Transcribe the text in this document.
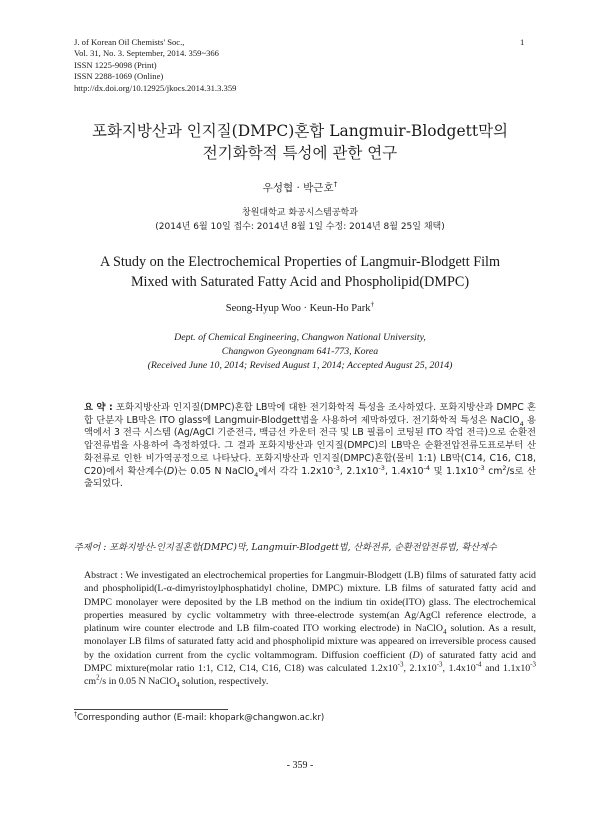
J. of Korean Oil Chemists' Soc.,
Vol. 31, No. 3. September, 2014. 359~366
ISSN 1225-9098 (Print)
ISSN 2288-1069 (Online)
http://dx.doi.org/10.12925/jkocs.2014.31.3.359
1
포화지방산과 인지질(DMPC)혼합 Langmuir-Blodgett막의
전기화학적 특성에 관한 연구
우성협 · 박근호†
창원대학교 화공시스템공학과
(2014년 6월 10일 접수: 2014년 8월 1일 수정: 2014년 8월 25일 채택)
A Study on the Electrochemical Properties of Langmuir-Blodgett Film
Mixed with Saturated Fatty Acid and Phospholipid(DMPC)
Seong-Hyup Woo · Keun-Ho Park†
Dept. of Chemical Engineering, Changwon National University,
Changwon Gyeongnam 641-773, Korea
(Received June 10, 2014; Revised August 1, 2014; Accepted August 25, 2014)
요 약 : 포화지방산과 인지질(DMPC)혼합 LB막에 대한 전기화학적 특성을 조사하였다. 포화지방산과 DMPC 혼합 단분자 LB막은 ITO glass에 Langmuir-Blodgett법을 사용하여 제막하였다. 전기화학적 특성은 NaClO$_4$ 용액에서 3 전극 시스템 (Ag/AgCl 기준전극, 백금선 카운터 전극 및 LB 필름이 코팅된 ITO 작업 전극)으로 순환전압전류법을 사용하여 측정하였다. 그 결과 포화지방산과 인지질(DMPC)의 LB막은 순환전압전류도표로부터 산화전류로 인한 비가역공정으로 나타났다. 포화지방산과 인지질(DMPC)혼합(몰비 1:1) LB막(C14, C16, C18, C20)에서 확산계수(D)는 0.05 N NaClO$_4$에서 각각 $1.2x10^{-3}$, $2.1x10^{-3}$, $1.4x10^{-4}$ 및 $1.1x10^{-3}$ $cm^2/s$로 산출되었다.
주제어 : 포화지방산-인지질혼합(DMPC)막, Langmuir-Blodgett법, 산화전류, 순환전압전류법, 확산계수
Abstract : We investigated an electrochemical properties for Langmuir-Blodgett (LB) films of saturated fatty acid and phospholipid(L-α-dimyristoylphosphatidyl choline, DMPC) mixture. LB films of saturated fatty acid and DMPC monolayer were deposited by the LB method on the indium tin oxide(ITO) glass. The electrochemical properties measured by cyclic voltammetry with three-electrode system(an Ag/AgCl reference electrode, a platinum wire counter electrode and LB film-coated ITO working electrode) in NaClO$_4$ solution. As a result, monolayer LB films of saturated fatty acid and phospholipid mixture was appeared on irreversible process caused by the oxidation current from the cyclic voltammogram. Diffusion coefficient (D) of saturated fatty acid and DMPC mixture(molar ratio 1:1, C12, C14, C16, C18) was calculated $1.2x10^{-3}$, $2.1x10^{-3}$, $1.4x10^{-4}$ and $1.1x10^{-3}$ $cm^2/s$ in 0.05 N NaClO$_4$ solution, respectively.
†Corresponding author (E-mail: khopark@changwon.ac.kr)
- 359 -
